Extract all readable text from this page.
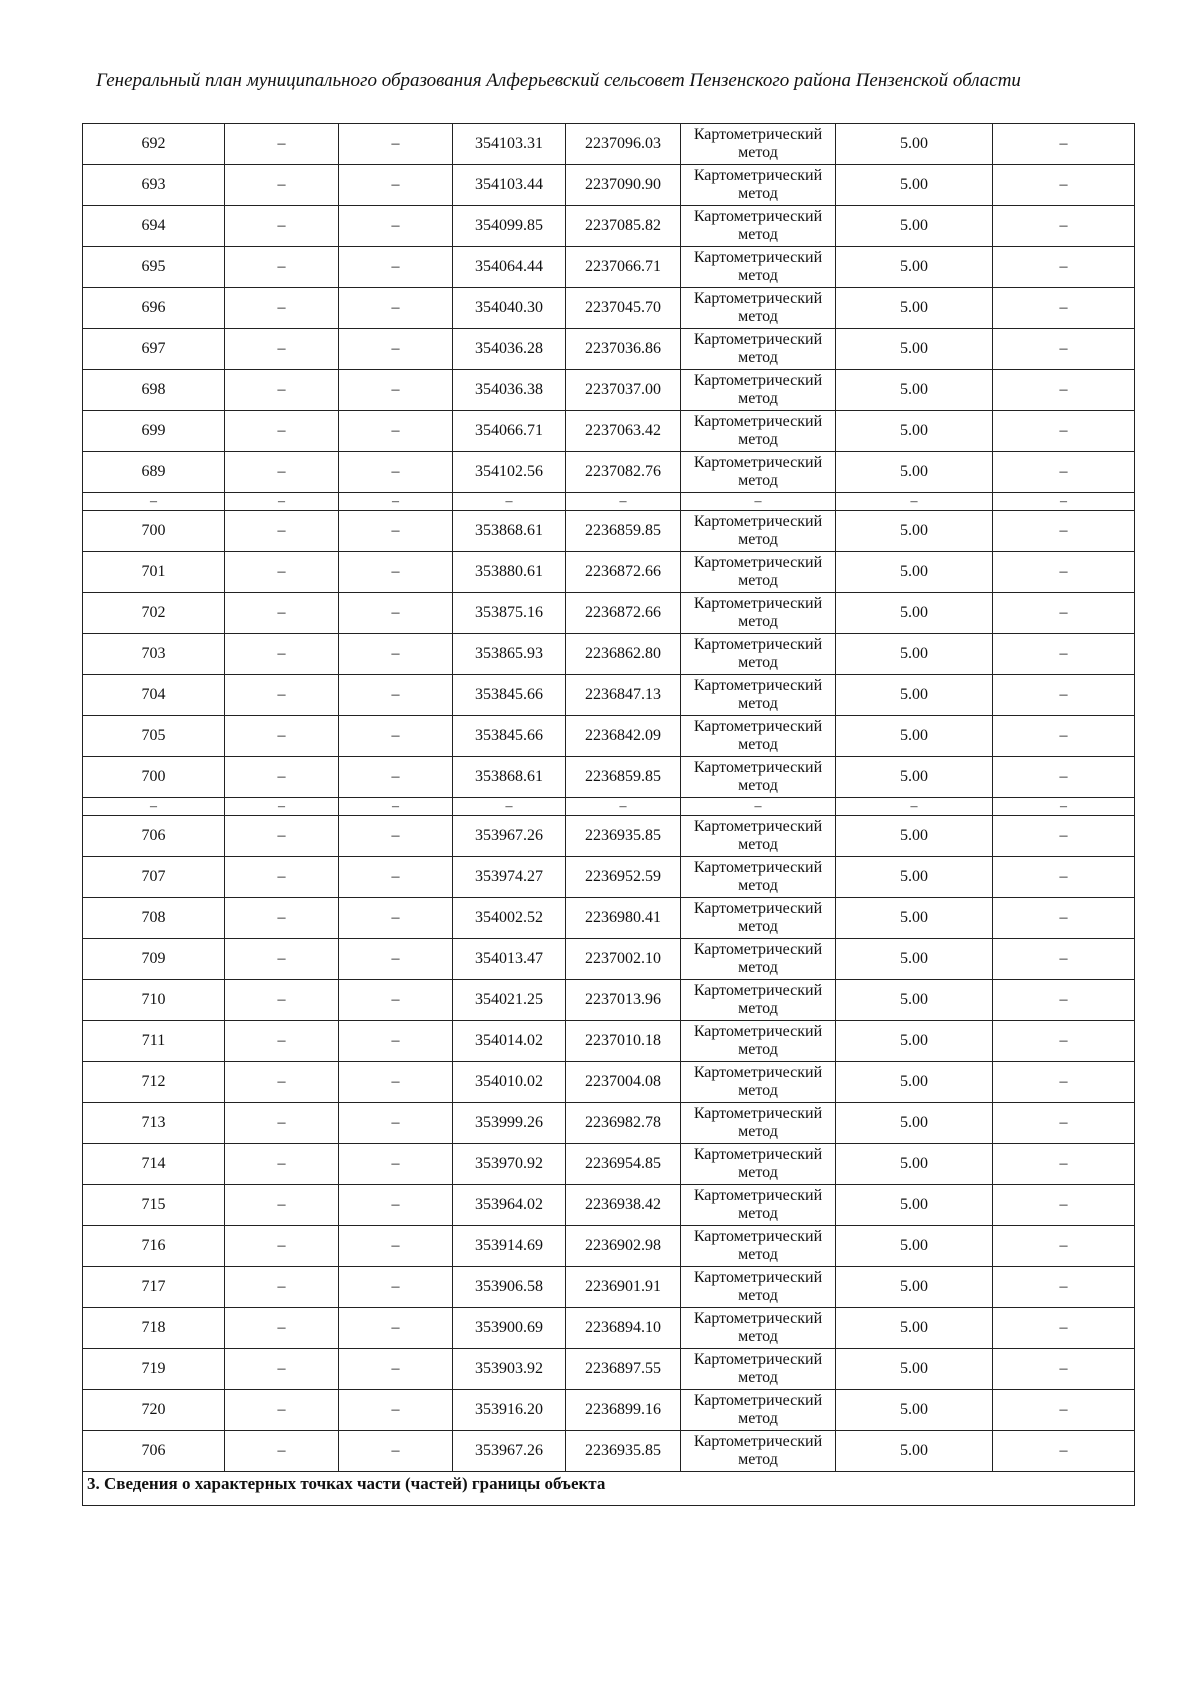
Генеральный план муниципального образования Алферьевский сельсовет Пензенского района Пензенской области
692	–	–	354103.31	2237096.03	Картометрический метод	5.00	–
693	–	–	354103.44	2237090.90	Картометрический метод	5.00	–
694	–	–	354099.85	2237085.82	Картометрический метод	5.00	–
695	–	–	354064.44	2237066.71	Картометрический метод	5.00	–
696	–	–	354040.30	2237045.70	Картометрический метод	5.00	–
697	–	–	354036.28	2237036.86	Картометрический метод	5.00	–
698	–	–	354036.38	2237037.00	Картометрический метод	5.00	–
699	–	–	354066.71	2237063.42	Картометрический метод	5.00	–
689	–	–	354102.56	2237082.76	Картометрический метод	5.00	–
–	–	–	–	–	–	–	–
700	–	–	353868.61	2236859.85	Картометрический метод	5.00	–
701	–	–	353880.61	2236872.66	Картометрический метод	5.00	–
702	–	–	353875.16	2236872.66	Картометрический метод	5.00	–
703	–	–	353865.93	2236862.80	Картометрический метод	5.00	–
704	–	–	353845.66	2236847.13	Картометрический метод	5.00	–
705	–	–	353845.66	2236842.09	Картометрический метод	5.00	–
700	–	–	353868.61	2236859.85	Картометрический метод	5.00	–
–	–	–	–	–	–	–	–
706	–	–	353967.26	2236935.85	Картометрический метод	5.00	–
707	–	–	353974.27	2236952.59	Картометрический метод	5.00	–
708	–	–	354002.52	2236980.41	Картометрический метод	5.00	–
709	–	–	354013.47	2237002.10	Картометрический метод	5.00	–
710	–	–	354021.25	2237013.96	Картометрический метод	5.00	–
711	–	–	354014.02	2237010.18	Картометрический метод	5.00	–
712	–	–	354010.02	2237004.08	Картометрический метод	5.00	–
713	–	–	353999.26	2236982.78	Картометрический метод	5.00	–
714	–	–	353970.92	2236954.85	Картометрический метод	5.00	–
715	–	–	353964.02	2236938.42	Картометрический метод	5.00	–
716	–	–	353914.69	2236902.98	Картометрический метод	5.00	–
717	–	–	353906.58	2236901.91	Картометрический метод	5.00	–
718	–	–	353900.69	2236894.10	Картометрический метод	5.00	–
719	–	–	353903.92	2236897.55	Картометрический метод	5.00	–
720	–	–	353916.20	2236899.16	Картометрический метод	5.00	–
706	–	–	353967.26	2236935.85	Картометрический метод	5.00	–
3. Сведения о характерных точках части (частей) границы объекта							
